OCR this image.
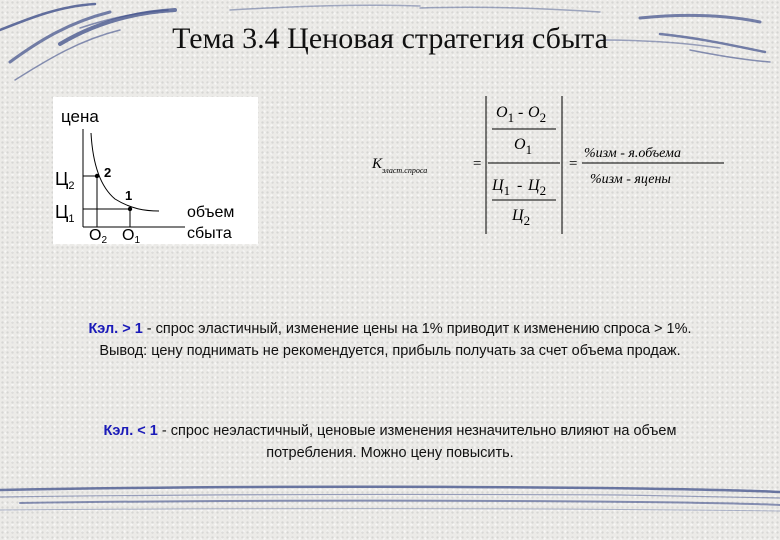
Тема 3.4 Ценовая стратегия сбыта
цена
2
1
$Ц_2$
$Ц_1$
О2 О1
объем
сбыта
$К_{эласт.спроса}$	=
$О_1 - О_2$
$О_1$
$Ц_1 - Ц_2$
$Ц_2$
=
%изм - я.объема
%изм - яцены
Кэл. > 1 - спрос эластичный, изменение цены на 1% приводит к изменению спроса > 1%.
Вывод: цену поднимать не рекомендуется, прибыль получать за счет объема продаж.
Кэл. < 1 - спрос неэластичный, ценовые изменения незначительно влияют на объем
потребления. Можно цену повысить.
